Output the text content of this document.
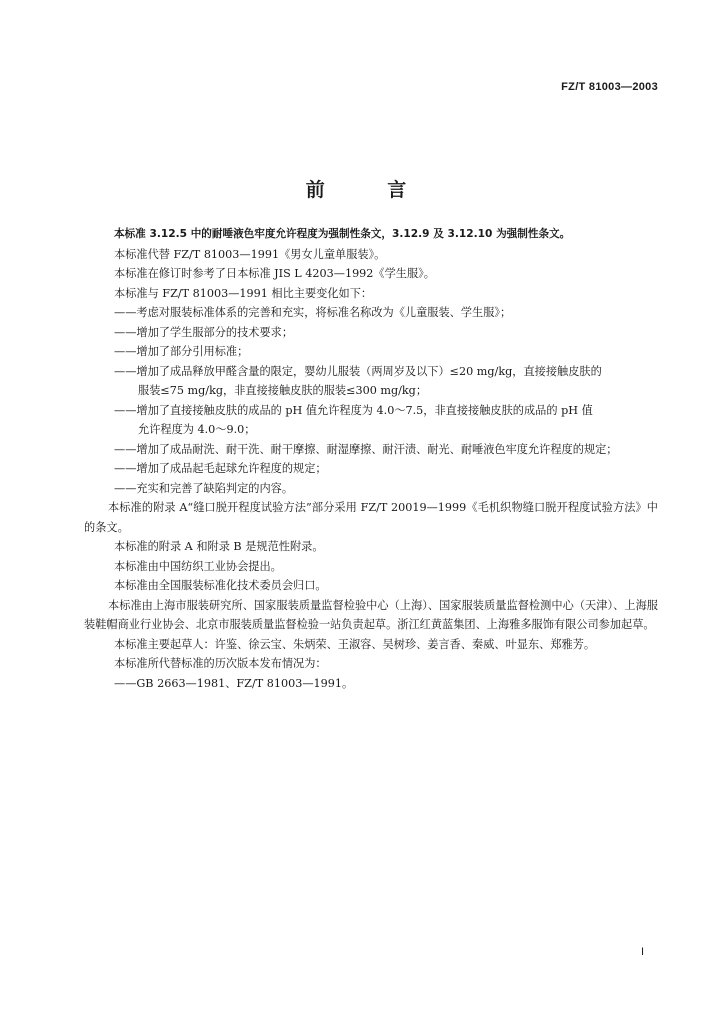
FZ/T 81003—2003
前 言

本标准 3.12.5 中的耐唾液色牢度允许程度为强制性条文，3.12.9 及 3.12.10 为强制性条文。

本标准代替 FZ/T 81003—1991《男女儿童单服装》。

本标准在修订时参考了日本标准 JIS L 4203—1992《学生服》。

本标准与 FZ/T 81003—1991 相比主要变化如下：

——考虑对服装标准体系的完善和充实，将标准名称改为《儿童服装、学生服》；

——增加了学生服部分的技术要求；

——增加了部分引用标准；

——增加了成品释放甲醛含量的限定，婴幼儿服装（两周岁及以下）≤20 mg/kg，直接接触皮肤的

服装≤75 mg/kg，非直接接触皮肤的服装≤300 mg/kg；

——增加了直接接触皮肤的成品的 pH 值允许程度为 4.0～7.5，非直接接触皮肤的成品的 pH 值

允许程度为 4.0～9.0；

——增加了成品耐洗、耐干洗、耐干摩擦、耐湿摩擦、耐汗渍、耐光、耐唾液色牢度允许程度的规定；

——增加了成品起毛起球允许程度的规定；

——充实和完善了缺陷判定的内容。

本标准的附录 A“缝口脱开程度试验方法”部分采用 FZ/T 20019—1999《毛机织物缝口脱开程度试验方法》中的条文。

本标准的附录 A 和附录 B 是规范性附录。

本标准由中国纺织工业协会提出。

本标准由全国服装标准化技术委员会归口。

本标准由上海市服装研究所、国家服装质量监督检验中心（上海）、国家服装质量监督检测中心（天津）、上海服装鞋帽商业行业协会、北京市服装质量监督检验一站负责起草。浙江红黄蓝集团、上海雅多服饰有限公司参加起草。

本标准主要起草人：许鉴、徐云宝、朱炳荣、王淑容、吴树珍、姜言香、秦威、叶显东、郑雅芳。

本标准所代替标准的历次版本发布情况为：

——GB 2663—1981、FZ/T 81003—1991。

I
